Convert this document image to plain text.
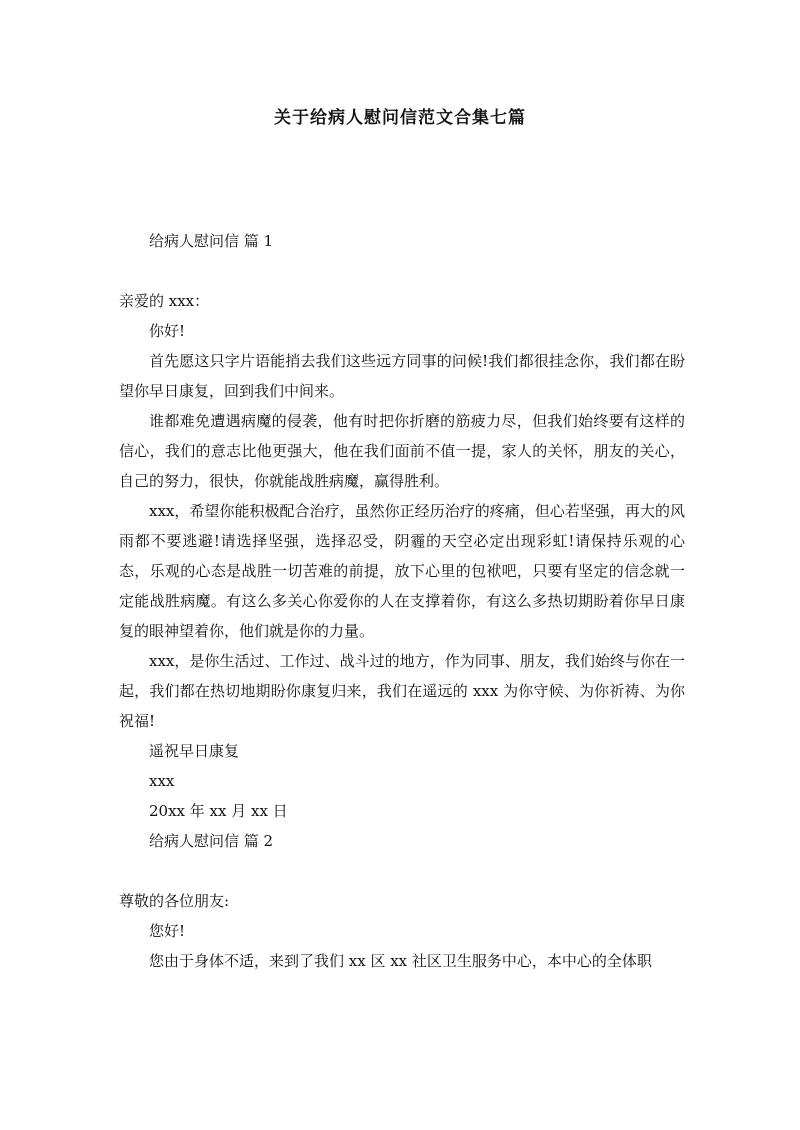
关于给病人慰问信范文合集七篇

给病人慰问信 篇 1

亲爱的 xxx：

你好!

首先愿这只字片语能捎去我们这些远方同事的问候!我们都很挂念你，我们都在盼望你早日康复，回到我们中间来。

谁都难免遭遇病魔的侵袭，他有时把你折磨的筋疲力尽，但我们始终要有这样的信心，我们的意志比他更强大，他在我们面前不值一提，家人的关怀，朋友的关心，自己的努力，很快，你就能战胜病魔，赢得胜利。

xxx，希望你能积极配合治疗，虽然你正经历治疗的疼痛，但心若坚强，再大的风雨都不要逃避!请选择坚强，选择忍受，阴霾的天空必定出现彩虹!请保持乐观的心态，乐观的心态是战胜一切苦难的前提，放下心里的包袱吧，只要有坚定的信念就一定能战胜病魔。有这么多关心你爱你的人在支撑着你，有这么多热切期盼着你早日康复的眼神望着你，他们就是你的力量。

xxx，是你生活过、工作过、战斗过的地方，作为同事、朋友，我们始终与你在一起，我们都在热切地期盼你康复归来，我们在遥远的 xxx 为你守候、为你祈祷、为你祝福!

遥祝早日康复

xxx

20xx 年 xx 月 xx 日

给病人慰问信 篇 2

尊敬的各位朋友:

您好!

您由于身体不适，来到了我们 xx 区 xx 社区卫生服务中心，本中心的全体职
